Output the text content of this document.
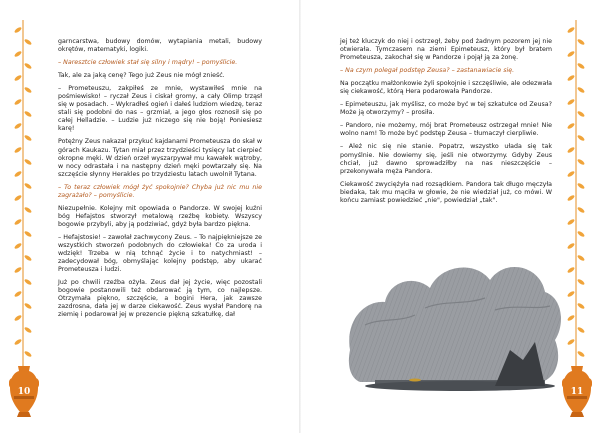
garncarstwa, budowy domów, wytapiania metali, budowy okrętów, matematyki, logiki.

– Naresztcie człowiek stał się silny i mądry! – pomyślicie.

Tak, ale za jaką cenę? Tego już Zeus nie mógł znieść.

– Prometeuszu, zakpiłeś ze mnie, wystawiłeś mnie na pośmiewisko! – ryczał Zeus i ciskał gromy, a cały Olimp trząsł się w posadach. – Wykradłeś ogień i dałeś ludziom wiedzę, teraz stali się podobni do nas – grzmiał, a jego głos roznosił się po całej Helladzie. – Ludzie już niczego się nie boją! Poniesiesz karę!

Potężny Zeus nakazał przykuć kajdanami Prometeusza do skał w górach Kaukazu. Tytan miał przez trzydzieści tysięcy lat cierpieć okropne męki. W dzień orzeł wyszarpywał mu kawałek wątroby, w nocy odrastała i na następny dzień męki powtarzały się. Na szczęście słynny Herakles po trzydziestu latach uwolnił Tytana.

– To teraz człowiek mógł żyć spokojnie? Chyba już nic mu nie zagrażało? – pomyślicie.

Niezupełnie. Kolejny mit opowiada o Pandorze. W swojej kuźni bóg Hefajstos stworzył metalową rzeźbę kobiety. Wszyscy bogowie przybyli, aby ją podziwiać, gdyż była bardzo piękna.

– Hefajstosie! – zawołał zachwycony Zeus. – To najpiękniejsze ze wszystkich stworzeń podobnych do człowieka! Co za uroda i wdzięk! Trzeba w nią tchnąć życie i to natychmiast! – zadecydował bóg, obmyślając kolejny podstęp, aby ukarać Prometeusza i ludzi.

Już po chwili rzeźba ożyła. Zeus dał jej życie, więc pozostali bogowie postanowili też obdarować ją tym, co najlepsze. Otrzymała piękno, szczęście, a bogini Hera, jak zawsze zazdrosna, dała jej w darze ciekawość. Zeus wysłał Pandorę na ziemię i podarował jej w prezencie piękną szkatułkę, dał

10

jej też kluczyk do niej i ostrzegł, żeby pod żadnym pozorem jej nie otwierała. Tymczasem na ziemi Epimeteusz, który był bratem Prometeusza, zakochał się w Pandorze i pojął ją za żonę.

– Na czym polegał podstęp Zeusa? – zastanawiacie się.

Na początku małżonkowie żyli spokojnie i szczęśliwie, ale odezwała się ciekawość, którą Hera podarowała Pandorze.

– Epimeteuszu, jak myślisz, co może być w tej szkatułce od Zeusa? Może ją otworzymy? – prosiła.

– Pandoro, nie możemy, mój brat Prometeusz ostrzegał mnie! Nie wolno nam! To może być podstęp Zeusa – tłumaczył cierpliwie.

– Ależ nic się nie stanie. Popatrz, wszystko ułada się tak pomyślnie. Nie dowiemy się, jeśli nie otworzymy. Gdyby Zeus chciał, już dawno sprowadziłby na nas nieszczęście – przekonywała męża Pandora.

Ciekawość zwyciężyła nad rozsądkiem. Pandora tak długo męczyła biedaka, tak mu mąciła w głowie, że nie wiedział już, co mówi. W końcu zamiast powiedzieć „nie", powiedział „tak".

11
